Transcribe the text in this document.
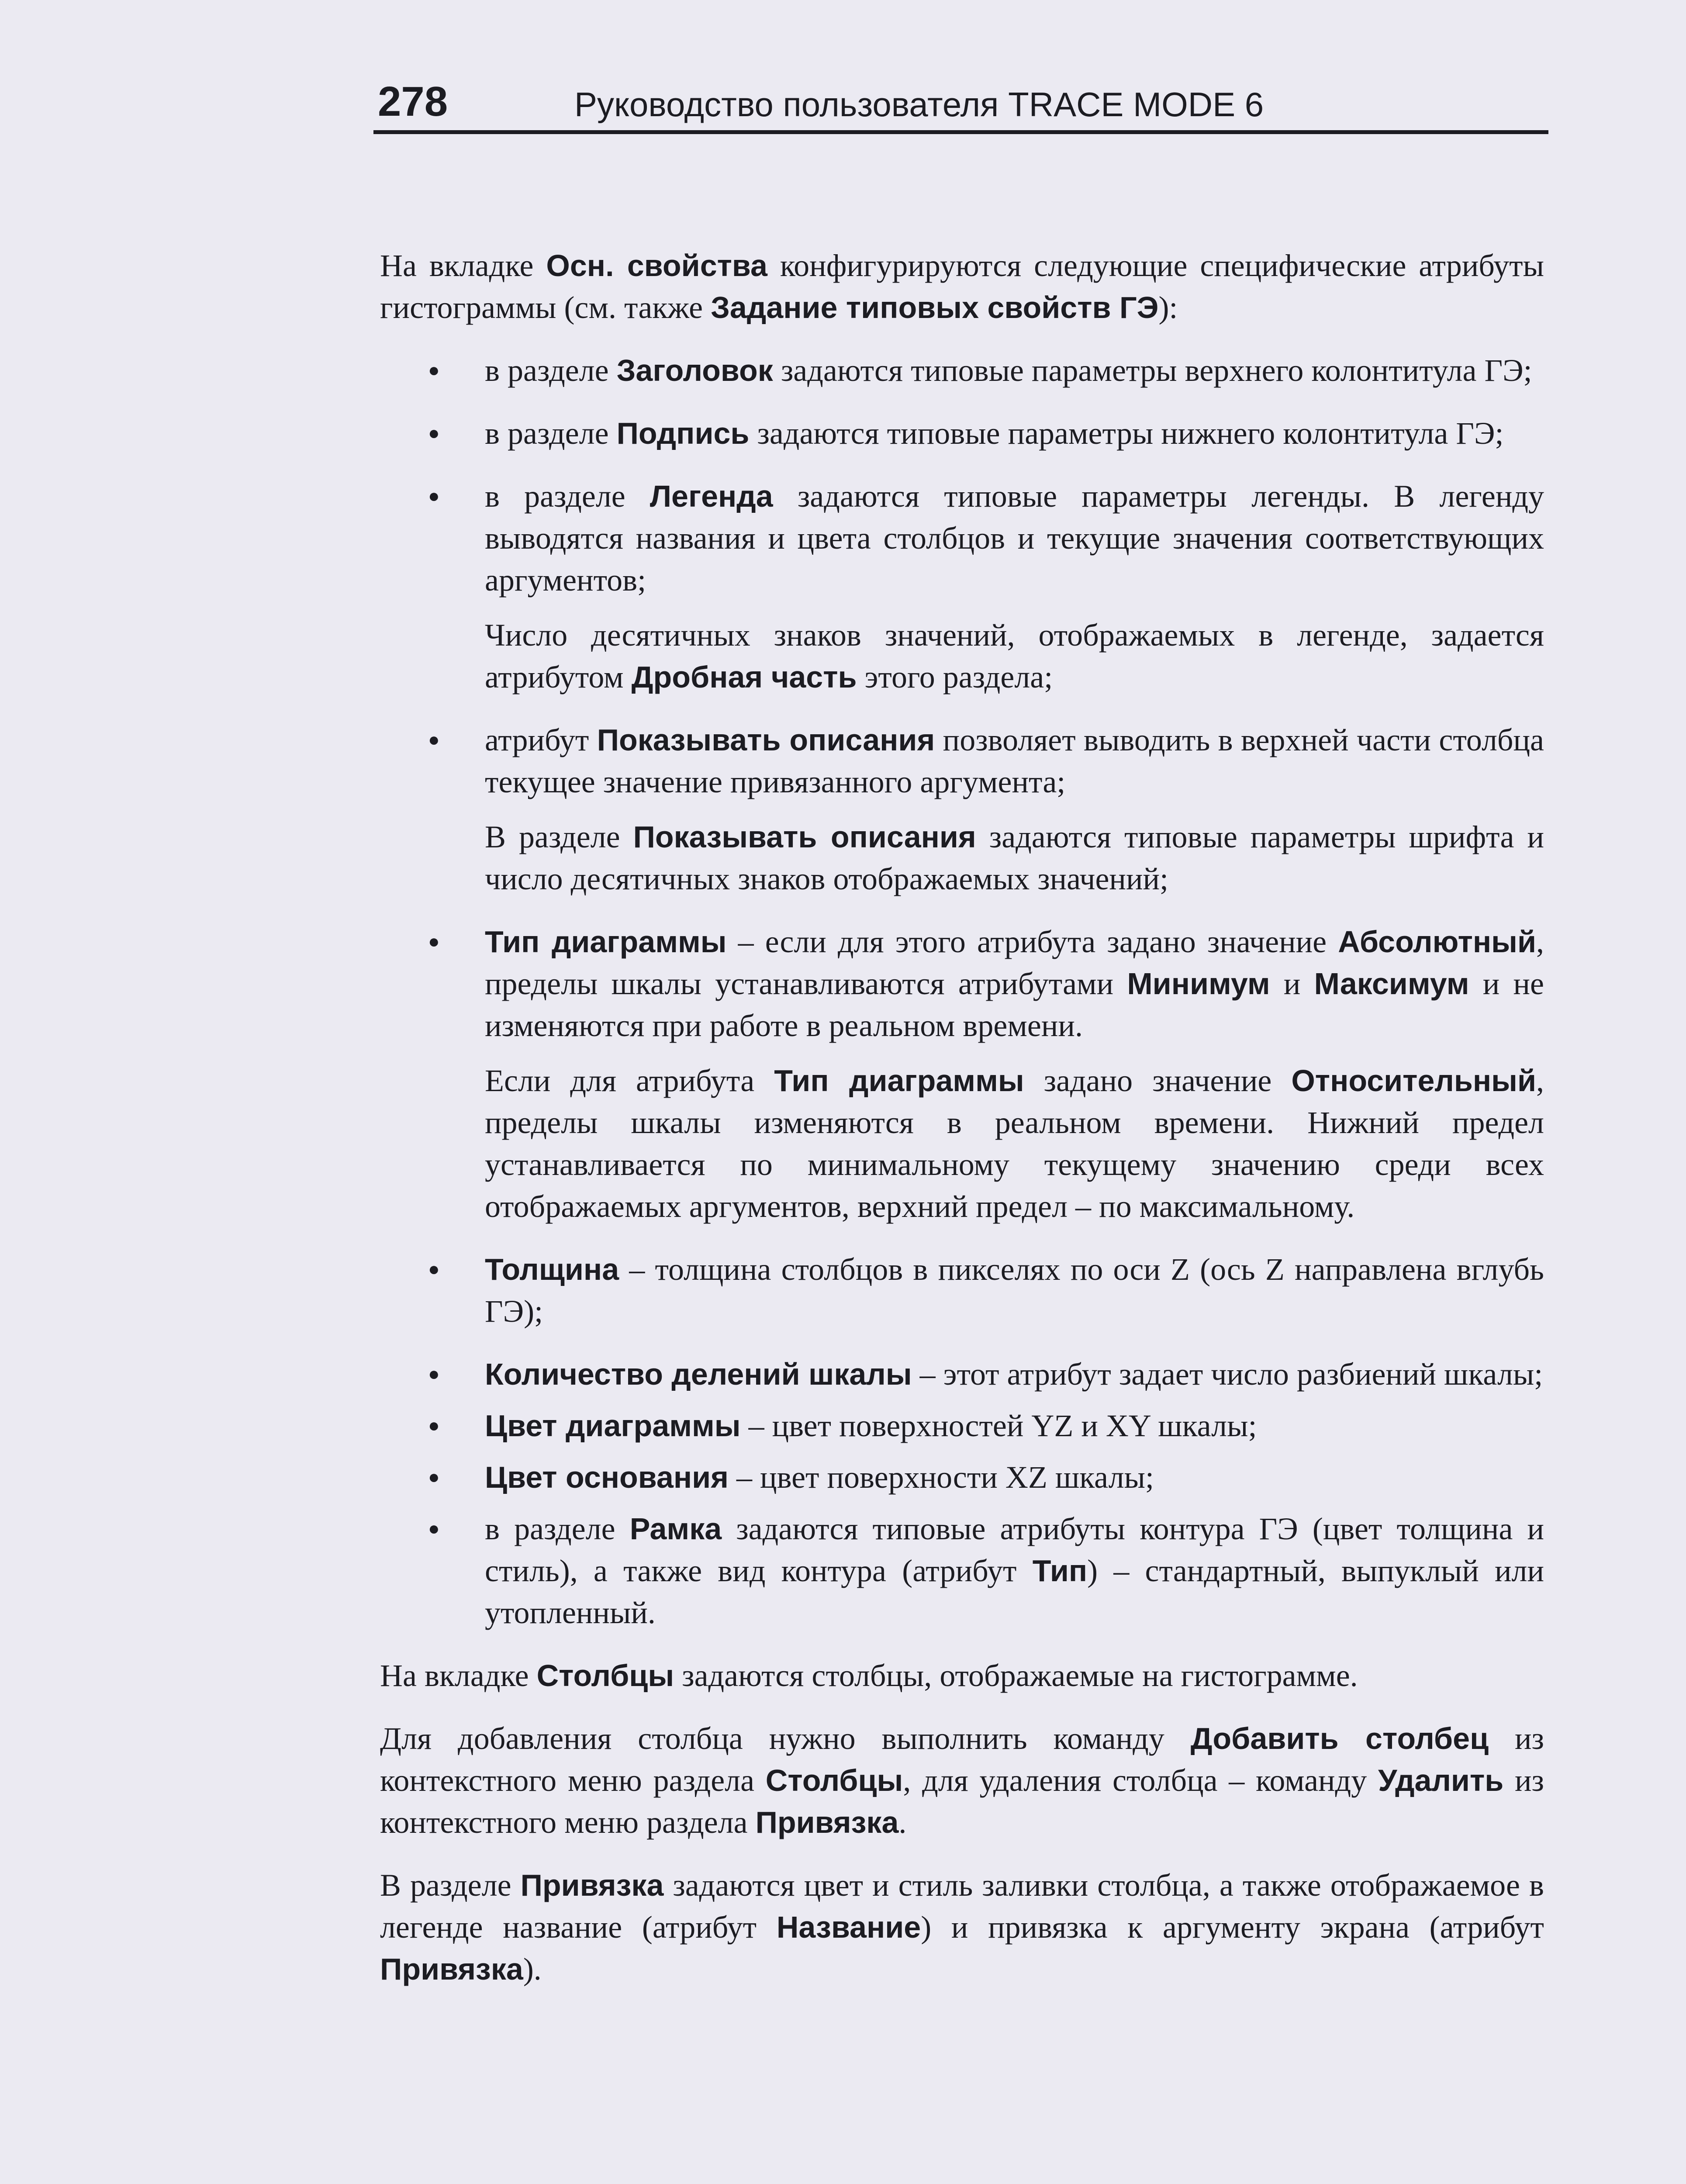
278	Руководство пользователя TRACE MODE 6

На вкладке Осн. свойства конфигурируются следующие специфические атрибуты гистограммы (см. также Задание типовых свойств ГЭ):

● в разделе Заголовок задаются типовые параметры верхнего колонтитула ГЭ;
● в разделе Подпись задаются типовые параметры нижнего колонтитула ГЭ;
● в разделе Легенда задаются типовые параметры легенды. В легенду выводятся названия и цвета столбцов и текущие значения соответствующих аргументов;

Число десятичных знаков значений, отображаемых в легенде, задается атрибутом Дробная часть этого раздела;

● атрибут Показывать описания позволяет выводить в верхней части столбца текущее значение привязанного аргумента;

В разделе Показывать описания задаются типовые параметры шрифта и число десятичных знаков отображаемых значений;

● Тип диаграммы – если для этого атрибута задано значение Абсолютный, пределы шкалы устанавливаются атрибутами Минимум и Максимум и не изменяются при работе в реальном времени.

Если для атрибута Тип диаграммы задано значение Относительный, пределы шкалы изменяются в реальном времени. Нижний предел устанавливается по минимальному текущему значению среди всех отображаемых аргументов, верхний предел – по максимальному.

● Толщина – толщина столбцов в пикселях по оси Z (ось Z направлена вглубь ГЭ);
● Количество делений шкалы – этот атрибут задает число разбиений шкалы;
● Цвет диаграммы – цвет поверхностей YZ и XY шкалы;
● Цвет основания – цвет поверхности XZ шкалы;
● в разделе Рамка задаются типовые атрибуты контура ГЭ (цвет толщина и стиль), а также вид контура (атрибут Тип) – стандартный, выпуклый или утопленный.

На вкладке Столбцы задаются столбцы, отображаемые на гистограмме.

Для добавления столбца нужно выполнить команду Добавить столбец из контекстного меню раздела Столбцы, для удаления столбца – команду Удалить из контекстного меню раздела Привязка.

В разделе Привязка задаются цвет и стиль заливки столбца, а также отображаемое в легенде название (атрибут Название) и привязка к аргументу экрана (атрибут Привязка).
